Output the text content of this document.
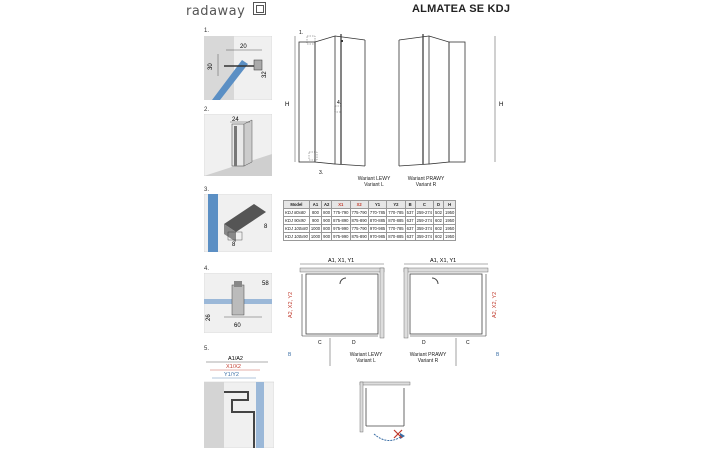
radaway	ALMATEA SE KDJ
1.
20
30
32
2.
24
3.
8
8
4.
58
26
60
5.
A1/A2
X1/X2
Y1/Y2
H
1.
3.
4.	H
Wariant LEWY
Variant L
Wariant PRAWY
Variant R
Model	A1	A2	X1	X2	Y1	Y2	B	C	D	H
KDJ 80x80	800	800	775-790	775-790	770-785	770-785	537	259-274	502	1950
KDJ 90x90	900	900	875-890	875-890	870-885	870-885	637	259-274	602	1950
KDJ 100x80	1000	800	975-990	775-790	970-985	770-785	637	359-374	602	1950
KDJ 100x90	1000	900	975-990	875-890	970-985	870-885	637	359-374	602	1950
A1, X1, Y1
A2, X2, Y2
C	D
B
A1, X1, Y1
A2, X2, Y2
D	C
B
Wariant LEWY
Variant L
Wariant PRAWY
Variant R
